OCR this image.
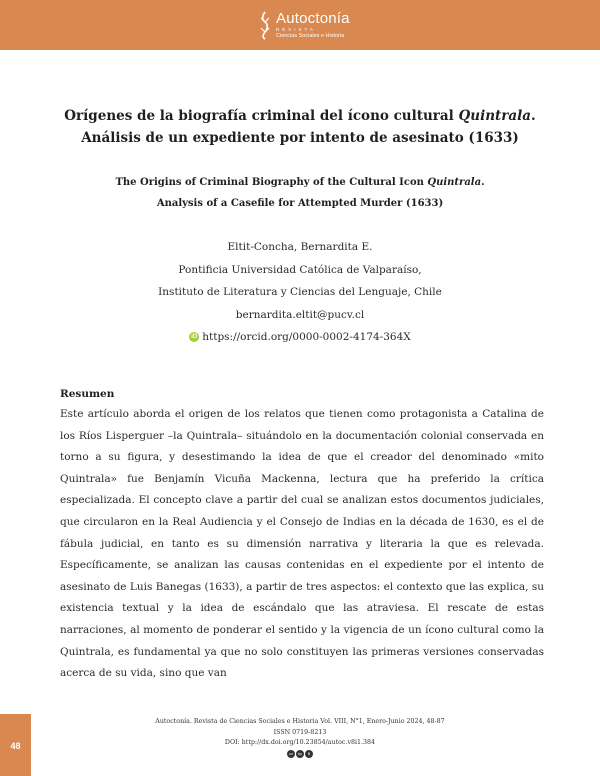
Autoctonía
REVISTA
Ciencias Sociales e Historia
Orígenes de la biografía criminal del ícono cultural Quintrala.
Análisis de un expediente por intento de asesinato (1633)
The Origins of Criminal Biography of the Cultural Icon Quintrala.
Analysis of a Casefile for Attempted Murder (1633)
Eltit-Concha, Bernardita E.
Pontificia Universidad Católica de Valparaíso,
Instituto de Literatura y Ciencias del Lenguaje, Chile
bernardita.eltit@pucv.cl
iD https://orcid.org/0000-0002-4174-364X
Resumen

Este artículo aborda el origen de los relatos que tienen como protagonista a Catalina de los Ríos Lisperguer –la Quintrala– situándolo en la documentación colonial conservada en torno a su figura, y desestimando la idea de que el creador del denominado «mito Quintrala» fue Benjamín Vicuña Mackenna, lectura que ha preferido la crítica especializada. El concepto clave a partir del cual se analizan estos documentos judiciales, que circularon en la Real Audiencia y el Consejo de Indias en la década de 1630, es el de fábula judicial, en tanto es su dimensión narrativa y literaria la que es relevada. Específicamente, se analizan las causas contenidas en el expediente por el intento de asesinato de Luis Banegas (1633), a partir de tres aspectos: el contexto que las explica, su existencia textual y la idea de escándalo que las atraviesa. El rescate de estas narraciones, al momento de ponderar el sentido y la vigencia de un ícono cultural como la Quintrala, es fundamental ya que no solo constituyen las primeras versiones conservadas acerca de su vida, sino que van

Autoctonía. Revista de Ciencias Sociales e Historia Vol. VIII, N°1, Enero-Junio 2024, 48-87
ISSN 0719-8213
DOI: http://dx.doi.org/10.23854/autoc.v8i1.384
cc	by	$
48
